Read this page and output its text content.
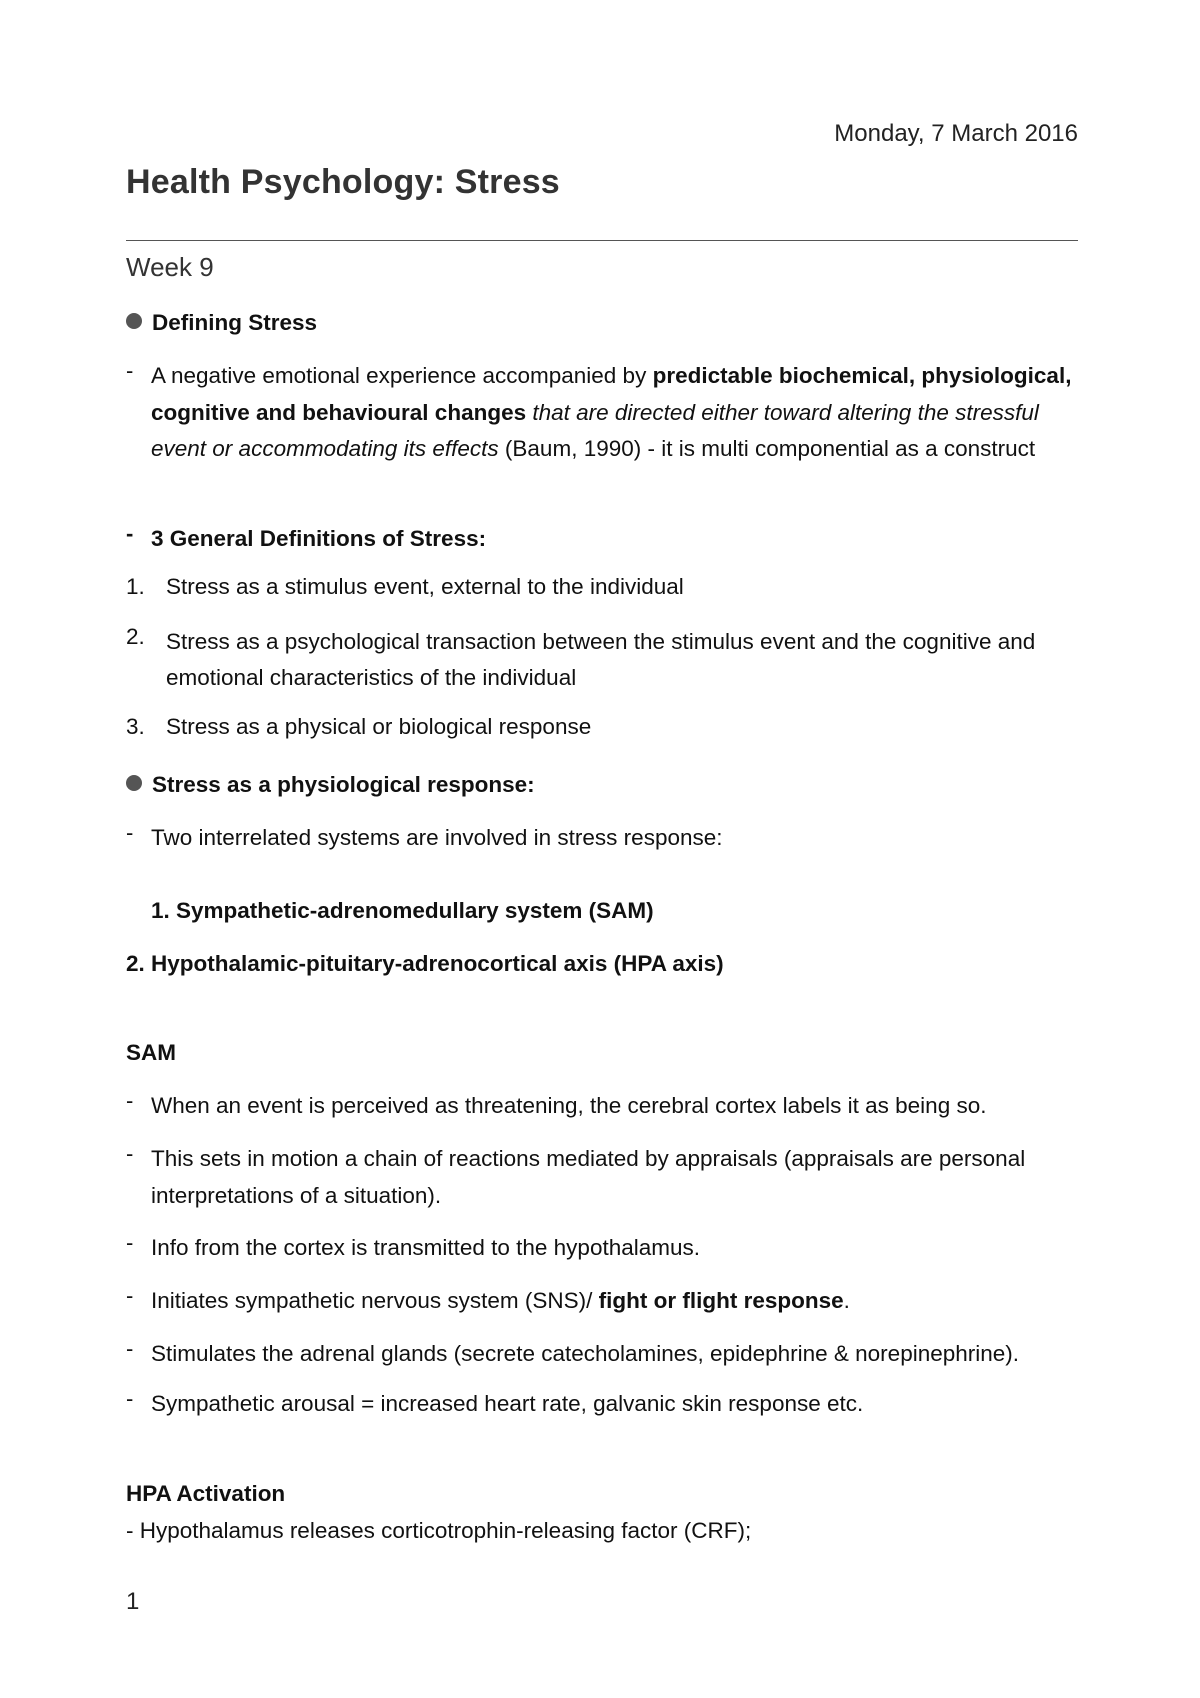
Monday, 7 March 2016
Health Psychology: Stress
Week 9
Defining Stress
- A negative emotional experience accompanied by predictable biochemical, physiological, cognitive and behavioural changes that are directed either toward altering the stressful event or accommodating its effects (Baum, 1990) - it is multi componential as a construct
- 3 General Definitions of Stress:
1. Stress as a stimulus event, external to the individual
2. Stress as a psychological transaction between the stimulus event and the cognitive and emotional characteristics of the individual
3. Stress as a physical or biological response
Stress as a physiological response:
- Two interrelated systems are involved in stress response:
1. Sympathetic-adrenomedullary system (SAM)
2. Hypothalamic-pituitary-adrenocortical axis (HPA axis)
SAM
- When an event is perceived as threatening, the cerebral cortex labels it as being so.
- This sets in motion a chain of reactions mediated by appraisals (appraisals are personal interpretations of a situation).
- Info from the cortex is transmitted to the hypothalamus.
- Initiates sympathetic nervous system (SNS)/ fight or flight response.
- Stimulates the adrenal glands (secrete catecholamines, epidephrine & norepinephrine).
- Sympathetic arousal = increased heart rate, galvanic skin response etc.
HPA Activation
- Hypothalamus releases corticotrophin-releasing factor (CRF);
1
